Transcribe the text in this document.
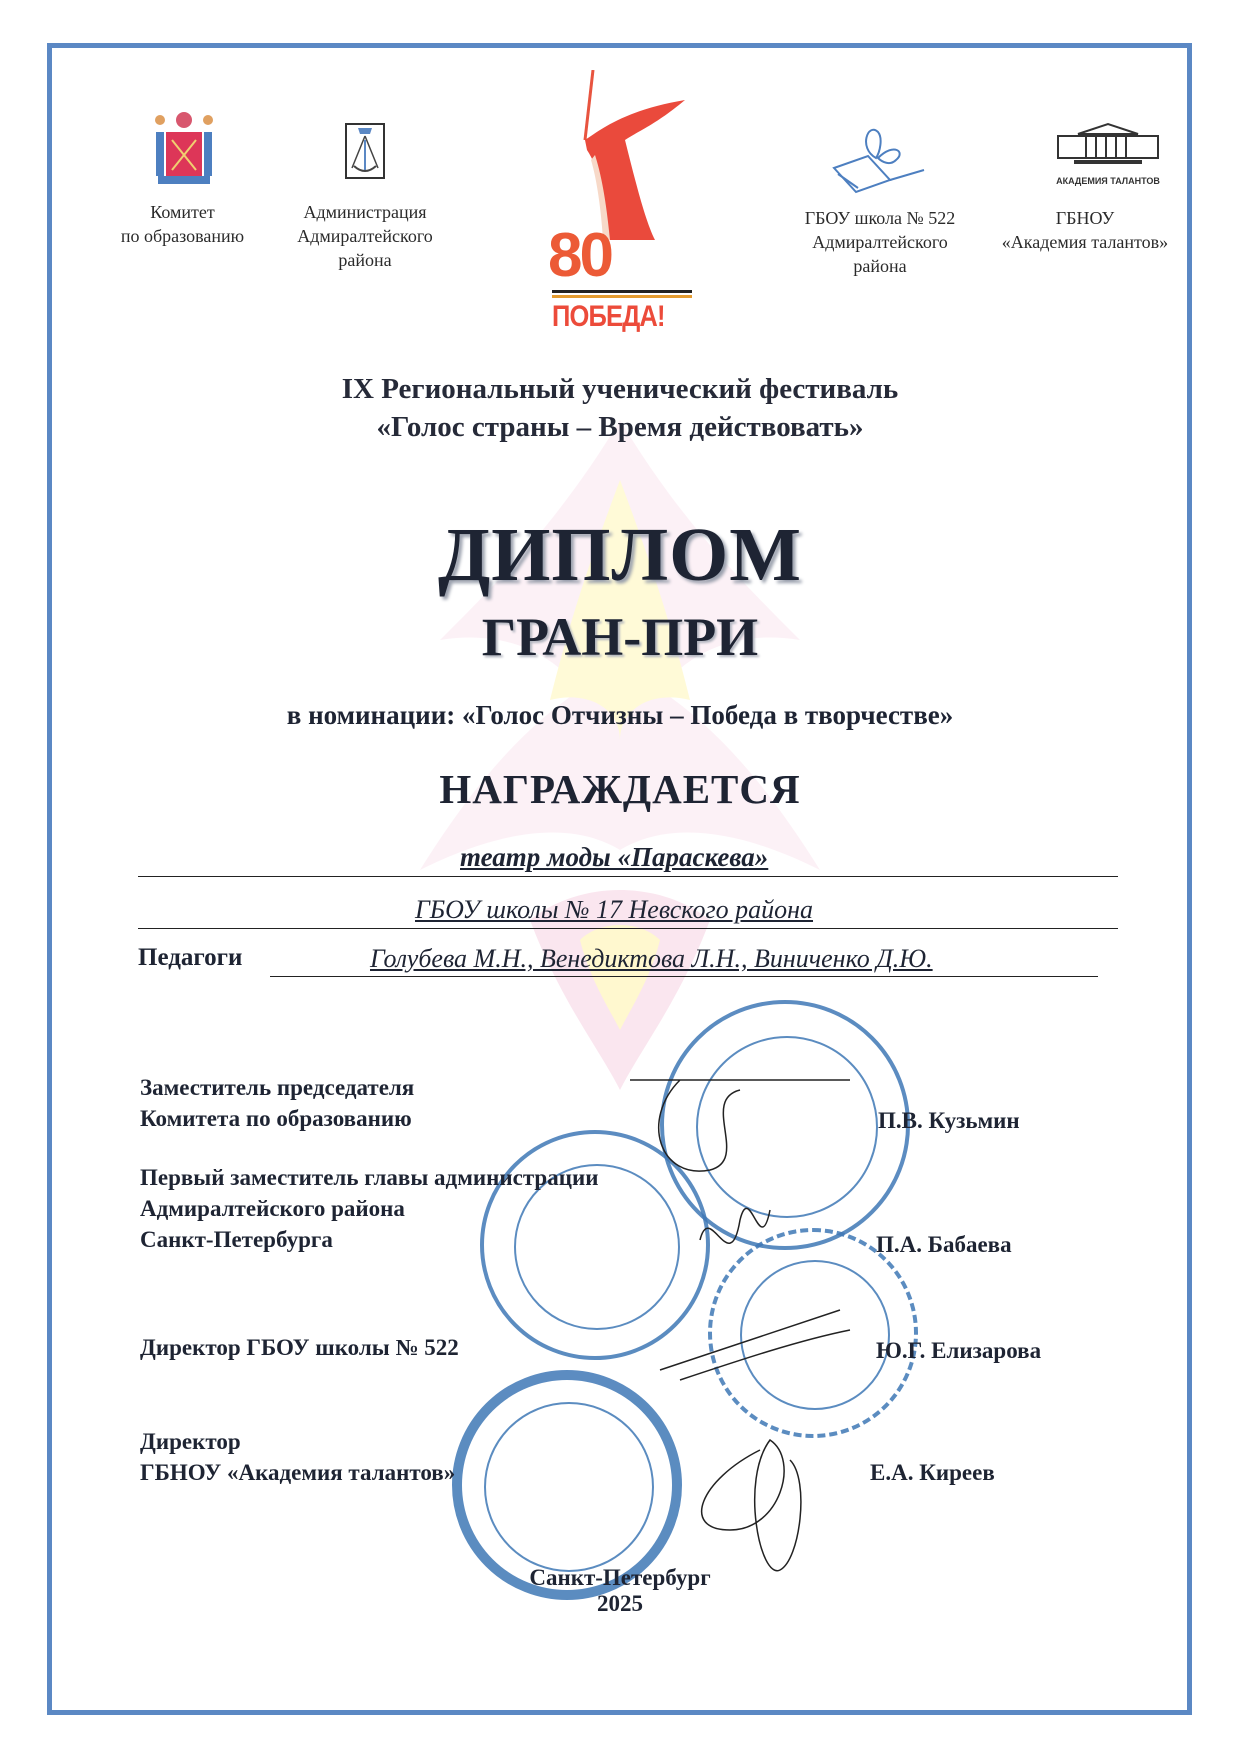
Комитет
по образованию
Администрация
Адмиралтейского
района	80
ПОБЕДА!
ГБОУ школа № 522
Адмиралтейского
района
АКАДЕМИЯ ТАЛАНТОВ
ГБНОУ
«Академия талантов»
IX Региональный ученический фестиваль
«Голос страны – Время действовать»
ДИПЛОМ
ГРАН-ПРИ
в номинации: «Голос Отчизны – Победа в творчестве»
НАГРАЖДАЕТСЯ
театр моды «Параскева»
ГБОУ школы № 17 Невского района
Педагоги	Голубева М.Н., Венедиктова Л.Н., Виниченко Д.Ю.
Заместитель председателя
Комитета по образованию	П.В. Кузьмин
Первый заместитель главы администрации
Адмиралтейского района
Санкт-Петербурга	П.А. Бабаева
Директор ГБОУ школы № 522	Ю.Г. Елизарова
Директор
ГБНОУ «Академия талантов»	Е.А. Киреев
Санкт-Петербург
2025
